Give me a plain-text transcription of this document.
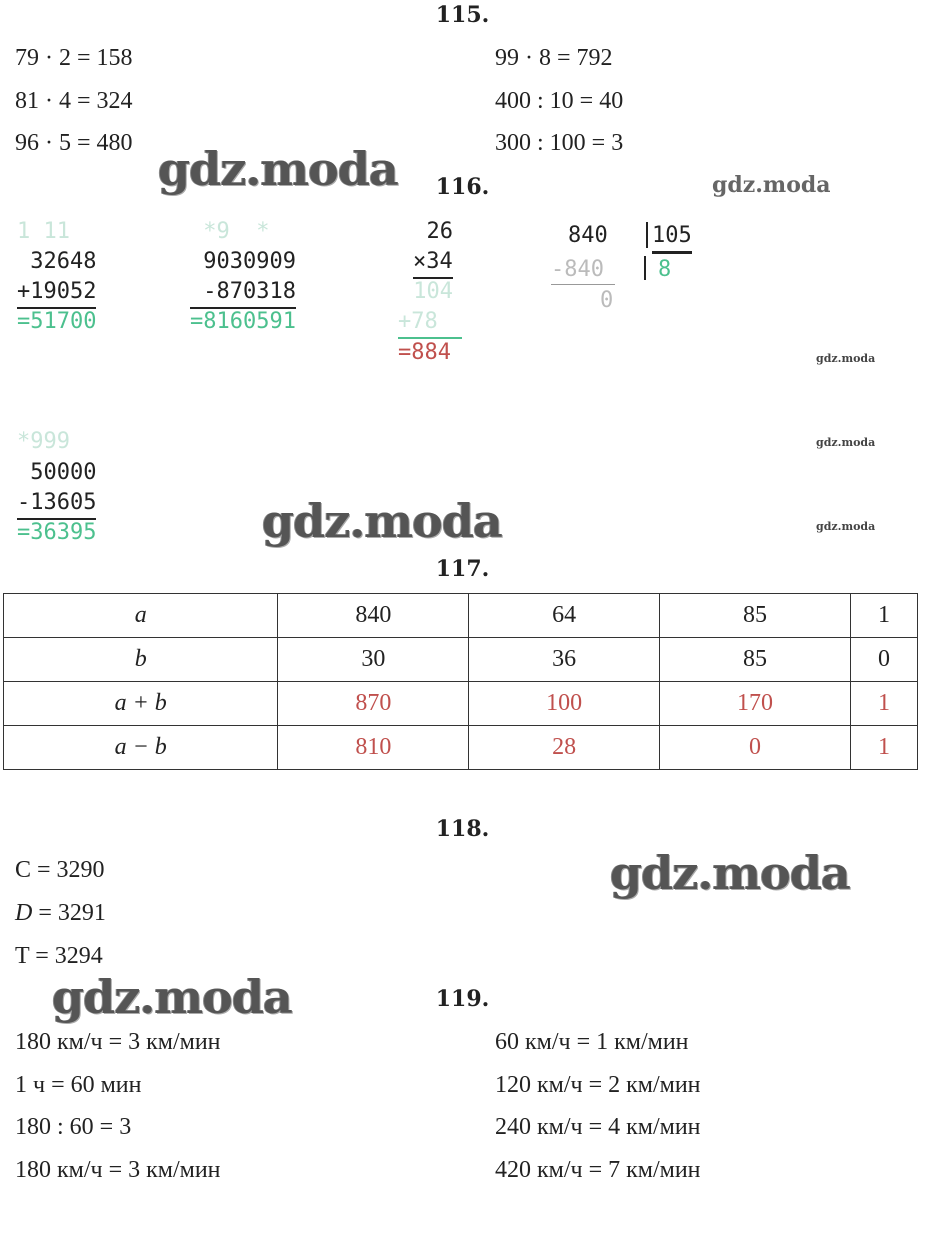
115.
79 · 2 = 158
81 · 4 = 324
96 · 5 = 480
99 · 8 = 792
400 : 10 = 40
300 : 100 = 3
gdz.moda	gdz.moda
116.
1 11
32648
+19052
=51700
*9  *
9030909
-870318
=8160591
26
×34
104
+78
=884
840 105
-840 8
0
gdz.moda
gdz.moda
gdz.moda
*999
50000
-13605
=36395	gdz.moda
117.
a	840	64	85	1
b	30	36	85	0
a + b	870	100	170	1
a − b	810	28	0	1
118.
C = 3290
D = 3291
T = 3294
gdz.moda
gdz.moda	119.
180 км/ч = 3 км/мин
1 ч = 60 мин
180 : 60 = 3
180 км/ч = 3 км/мин
60 км/ч = 1 км/мин
120 км/ч = 2 км/мин
240 км/ч = 4 км/мин
420 км/ч = 7 км/мин
